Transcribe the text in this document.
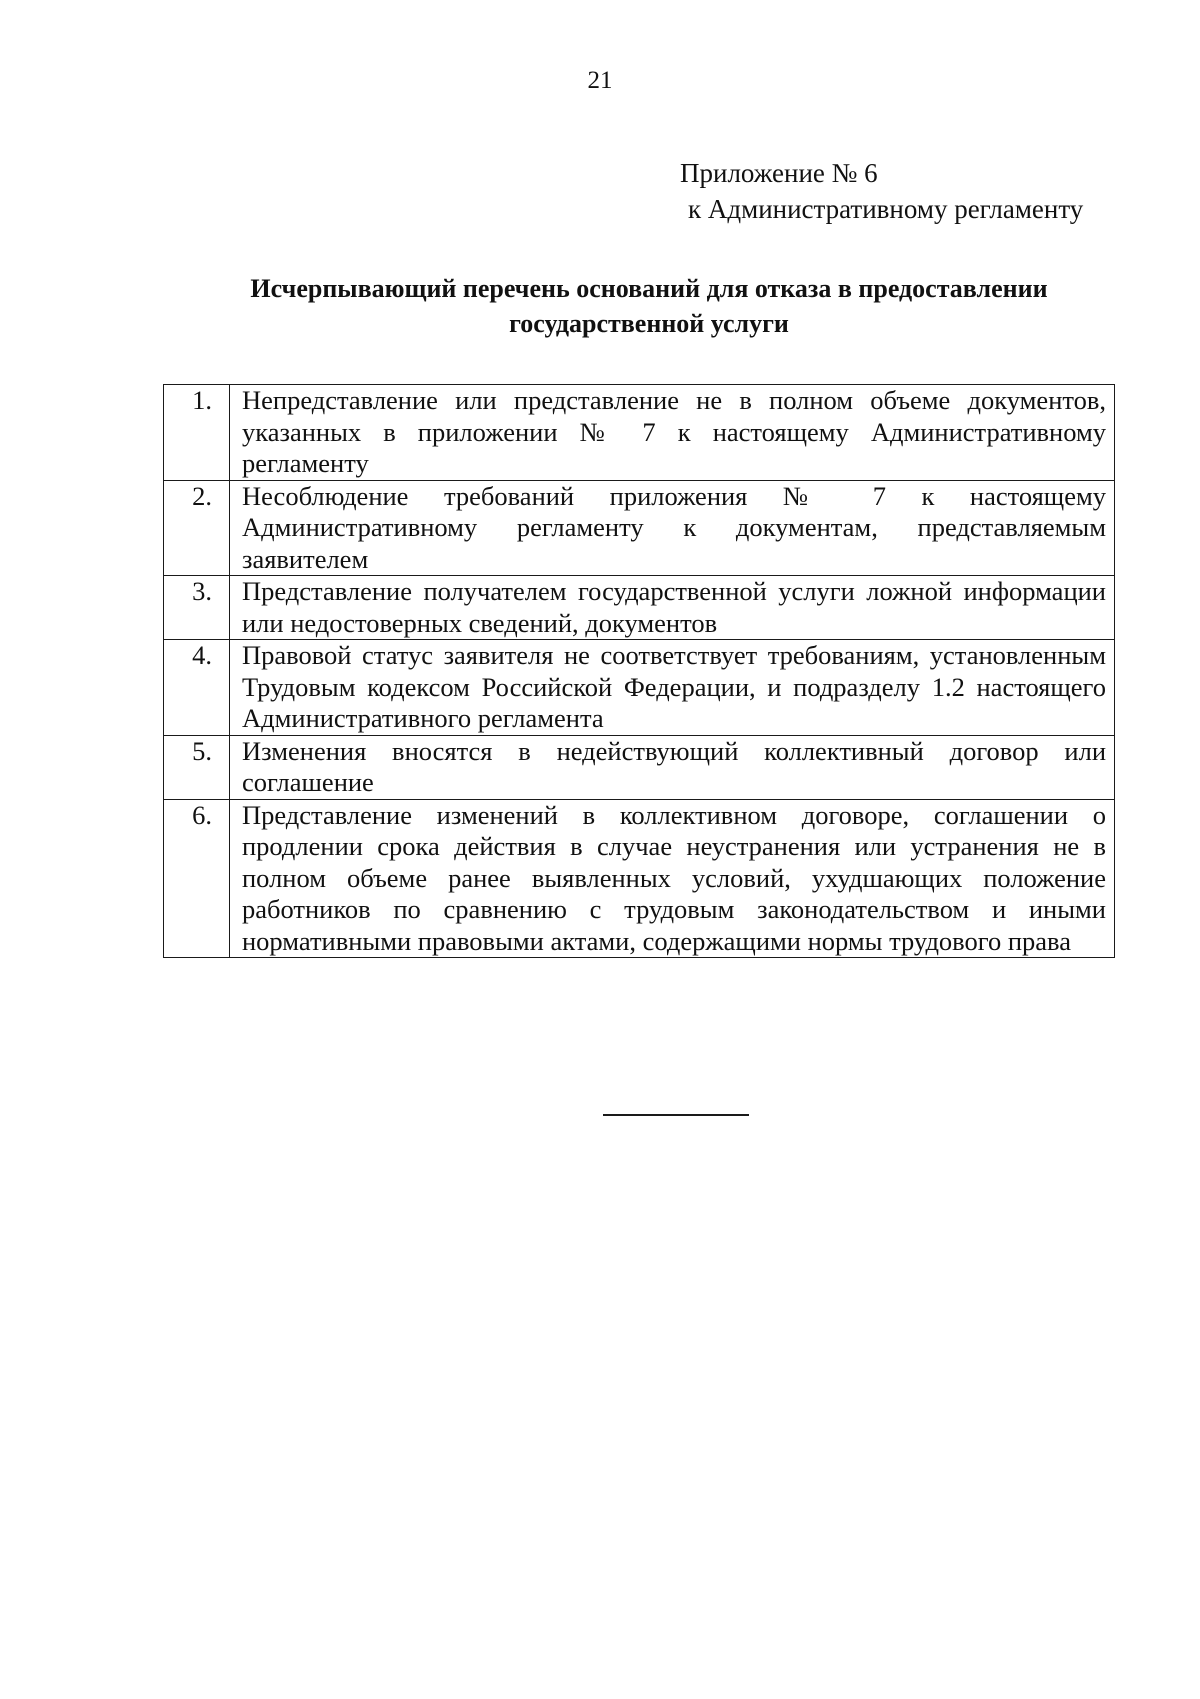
21
Приложение № 6
к Административному регламенту
Исчерпывающий перечень оснований для отказа в предоставлении
государственной услуги
1.	Непредставление или представление не в полном объеме документов, указанных в приложении № 7 к настоящему Административному регламенту
2.	Несоблюдение требований приложения № 7 к настоящему Административному регламенту к документам, представляемым заявителем
3.	Представление получателем государственной услуги ложной информации или недостоверных сведений, документов
4.	Правовой статус заявителя не соответствует требованиям, установленным Трудовым кодексом Российской Федерации, и подразделу 1.2 настоящего Административного регламента
5.	Изменения вносятся в недействующий коллективный договор или соглашение
6.	Представление изменений в коллективном договоре, соглашении о продлении срока действия в случае неустранения или устранения не в полном объеме ранее выявленных условий, ухудшающих положение работников по сравнению с трудовым законодательством и иными нормативными правовыми актами, содержащими нормы трудового права
